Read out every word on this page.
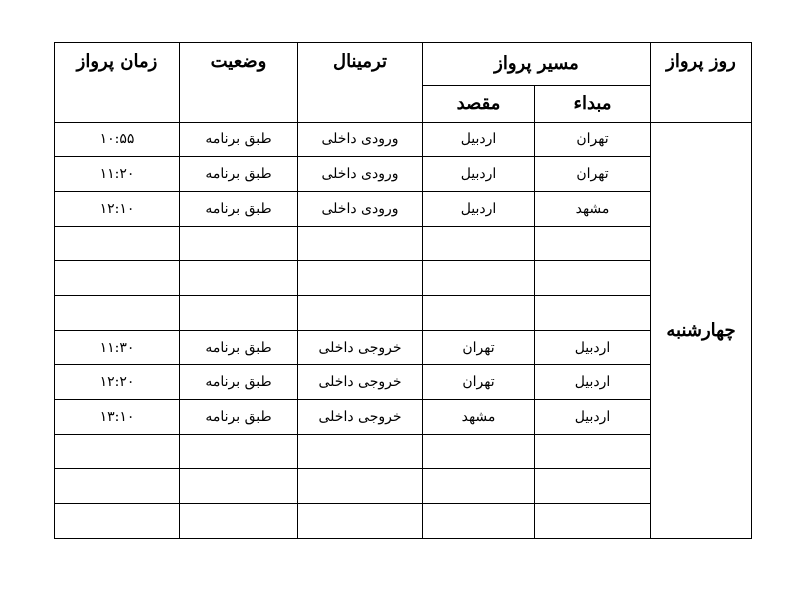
روز پرواز	مسیر پرواز		ترمینال	وضعیت	زمان پرواز
	مبداء	مقصد			
چهارشنبه	تهران	اردبیل	ورودی داخلی	طبق برنامه	۱۰:۵۵
	تهران	اردبیل	ورودی داخلی	طبق برنامه	۱۱:۲۰
	مشهد	اردبیل	ورودی داخلی	طبق برنامه	۱۲:۱۰

	اردبیل	تهران	خروجی داخلی	طبق برنامه	۱۱:۳۰
	اردبیل	تهران	خروجی داخلی	طبق برنامه	۱۲:۲۰
	اردبیل	مشهد	خروجی داخلی	طبق برنامه	۱۳:۱۰
